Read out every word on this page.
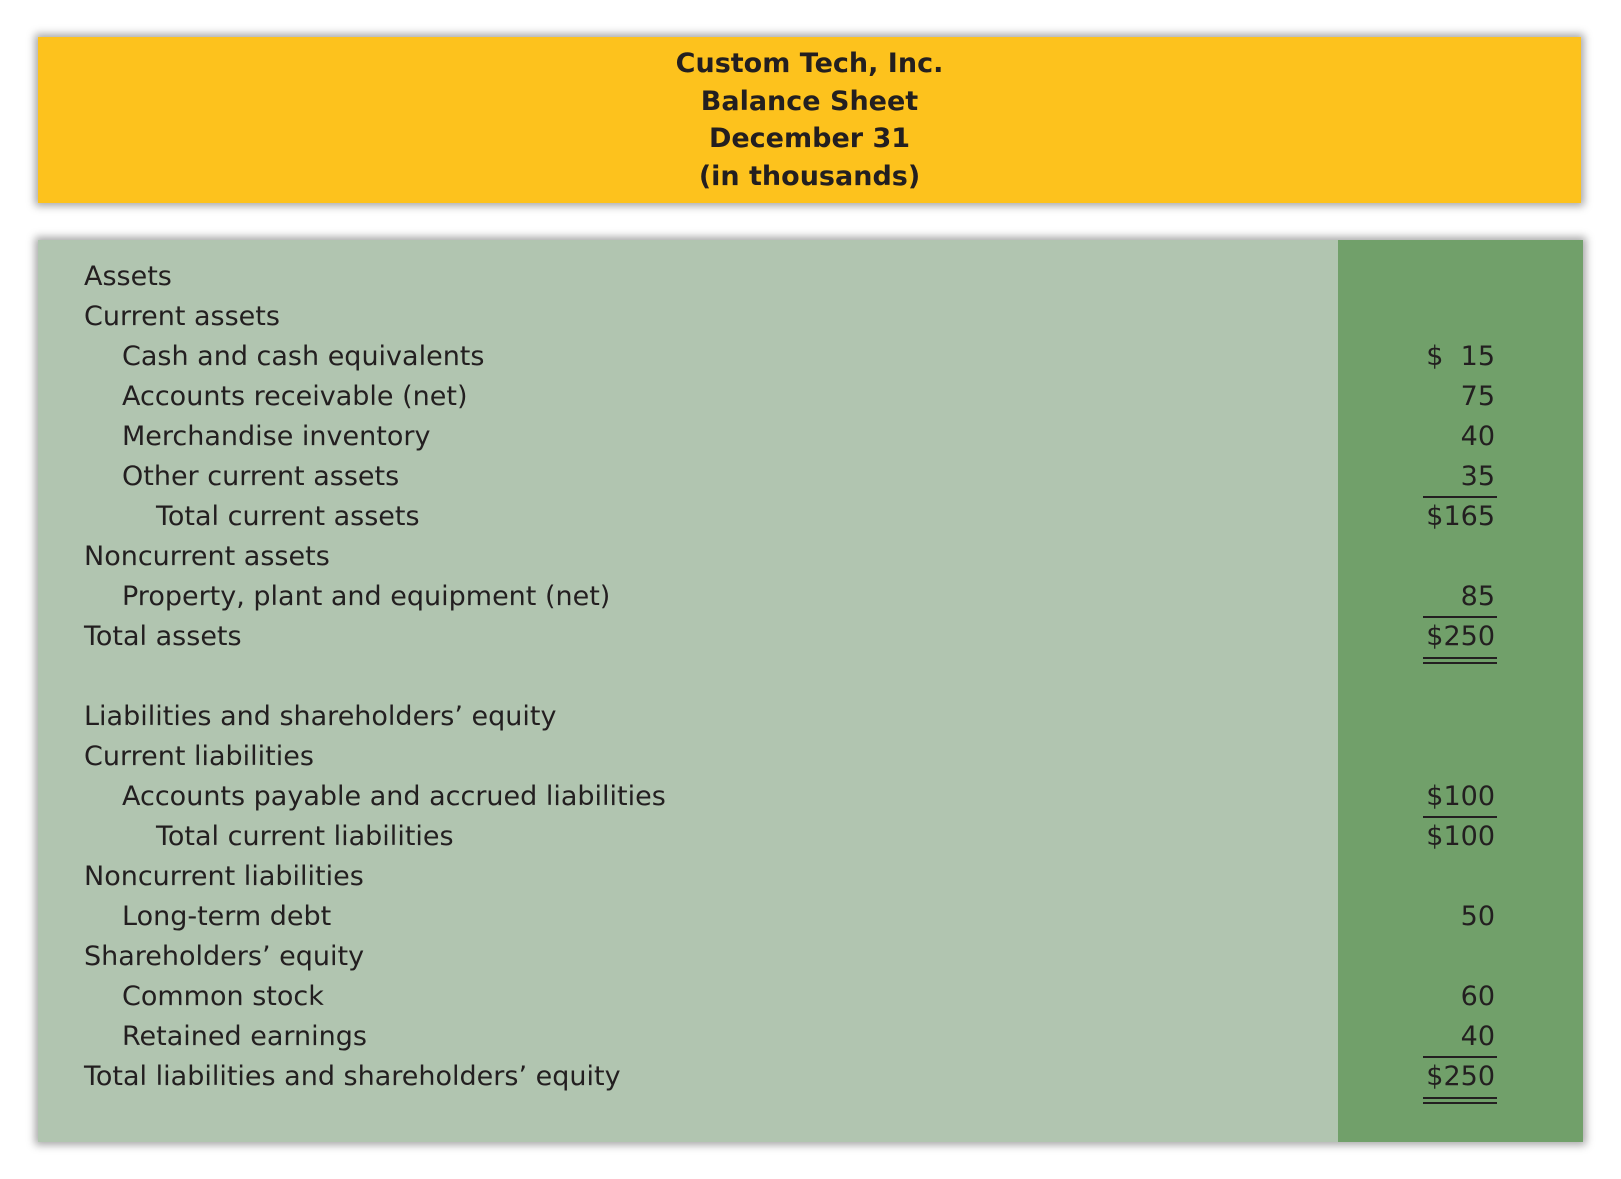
Custom Tech, Inc.
Balance Sheet
December 31
(in thousands)
Assets
Current assets
Cash and cash equivalents	$  15
Accounts receivable (net)	75
Merchandise inventory	40
Other current assets	35
Total current assets	$165
Noncurrent assets
Property, plant and equipment (net)	85
Total assets	$250
Liabilities and shareholders’ equity
Current liabilities
Accounts payable and accrued liabilities	$100
Total current liabilities	$100
Noncurrent liabilities
Long-term debt	50
Shareholders’ equity
Common stock	60
Retained earnings	40
Total liabilities and shareholders’ equity	$250
